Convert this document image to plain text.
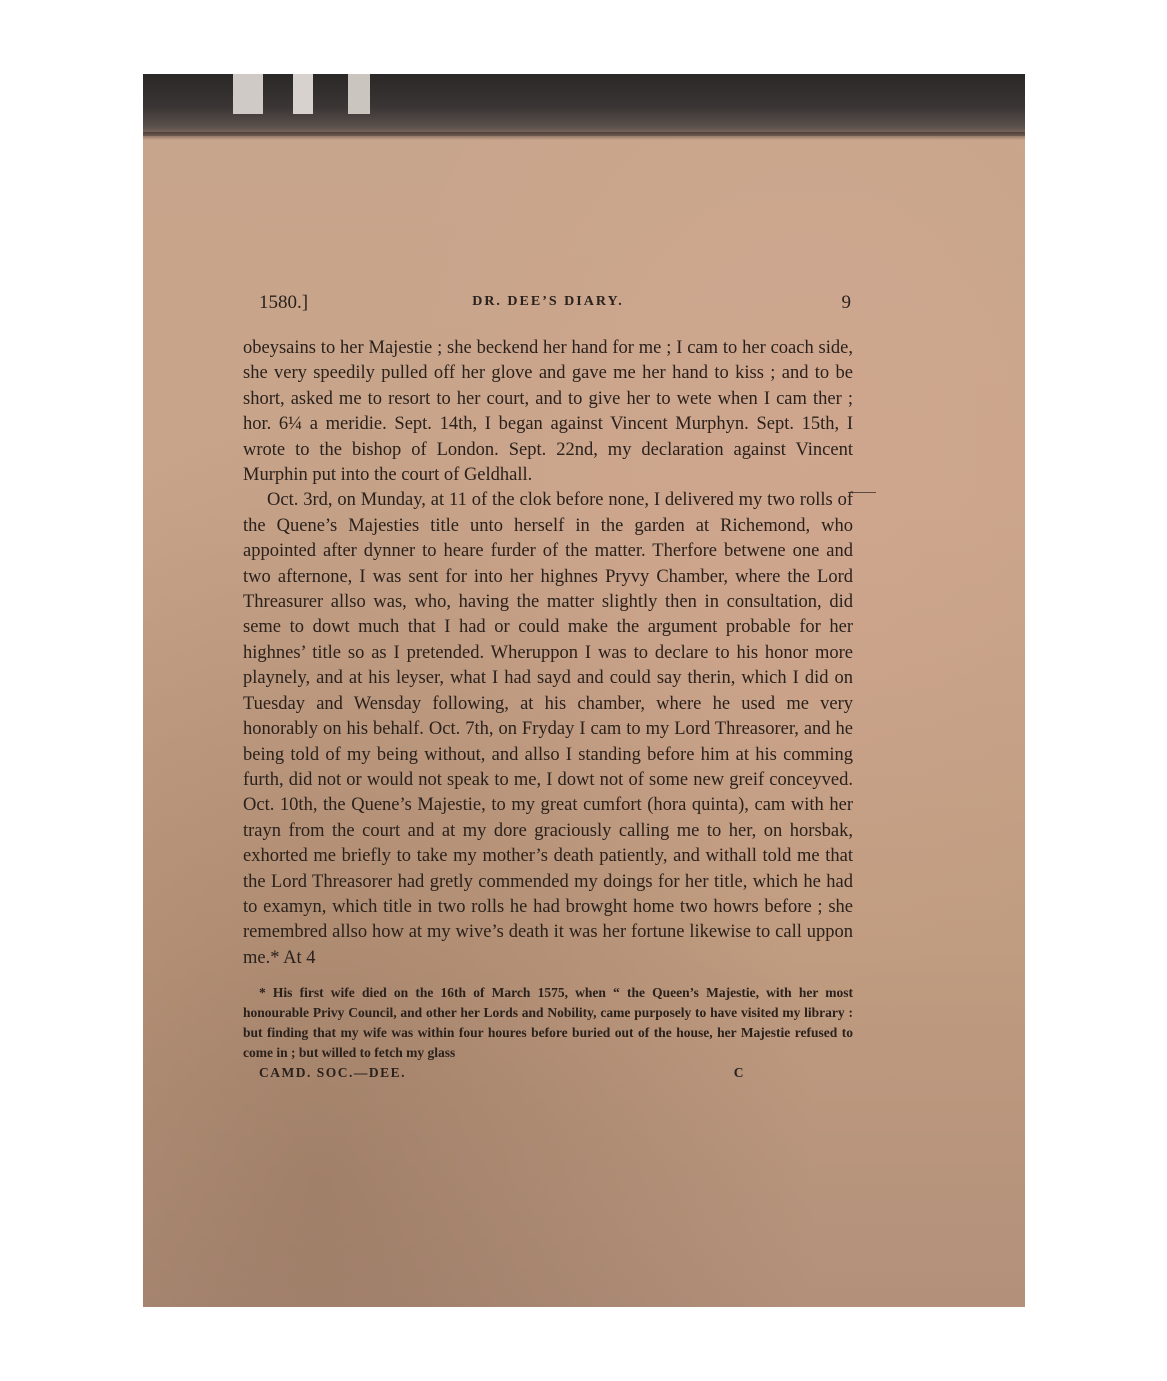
1580.]	DR. DEE’S DIARY.	9

obeysains to her Majestie ; she beckend her hand for me ; I cam to her coach side, she very speedily pulled off her glove and gave me her hand to kiss ; and to be short, asked me to resort to her court, and to give her to wete when I cam ther ; hor. 6¼ a meridie. Sept. 14th, I began against Vincent Murphyn. Sept. 15th, I wrote to the bishop of London. Sept. 22nd, my declaration against Vincent Murphin put into the court of Geldhall.

Oct. 3rd, on Munday, at 11 of the clok before none, I delivered my two rolls of the Quene’s Majesties title unto herself in the garden at Richemond, who appointed after dynner to heare furder of the matter. Therfore betwene one and two afternone, I was sent for into her highnes Pryvy Chamber, where the Lord Threasurer allso was, who, having the matter slightly then in consultation, did seme to dowt much that I had or could make the argument probable for her highnes’ title so as I pretended. Wheruppon I was to declare to his honor more playnely, and at his leyser, what I had sayd and could say therin, which I did on Tuesday and Wensday following, at his chamber, where he used me very honorably on his behalf. Oct. 7th, on Fryday I cam to my Lord Threasorer, and he being told of my being without, and allso I standing before him at his comming furth, did not or would not speak to me, I dowt not of some new greif conceyved. Oct. 10th, the Quene’s Majestie, to my great cumfort (hora quinta), cam with her trayn from the court and at my dore graciously calling me to her, on horsbak, exhorted me briefly to take my mother’s death patiently, and withall told me that the Lord Threasorer had gretly commended my doings for her title, which he had to examyn, which title in two rolls he had browght home two howrs before ; she remembred allso how at my wive’s death it was her fortune likewise to call uppon me.* At 4

* His first wife died on the 16th of March 1575, when “ the Queen’s Majestie, with her most honourable Privy Council, and other her Lords and Nobility, came purposely to have visited my library : but finding that my wife was within four houres before buried out of the house, her Majestie refused to come in ; but willed to fetch my glass

CAMD. SOC.—DEE.	C
